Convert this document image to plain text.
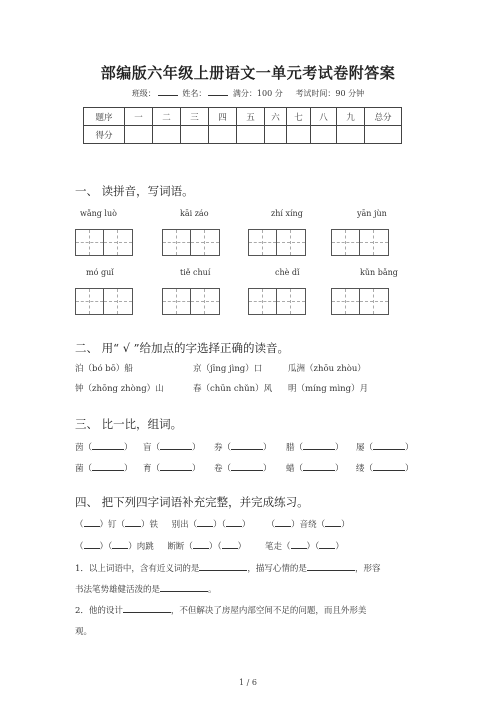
部编版六年级上册语文一单元考试卷附答案
班级：	姓名：	满分：100 分 考试时间：90 分钟
题序	一	二	三	四	五	六	七	八	九	总分
得分										
一、 读拼音，写词语。
wǎng luò	kāi záo	zhí xíng	yān jùn
mó guǐ	tiě chuí	chè dǐ	kǔn bǎng
二、 用“ √ ”给加点的字选择正确的读音。
泊（bó bō）船	京（jīng jìng）口	瓜洲（zhōu zhòu）
钟（zhōng zhòng）山	春（chūn chǔn）风 明（míng mìng）月
三、 比一比，组词。
茵（	） 盲（	） 券（	） 腊（	） 屡（	）
菌（	） 育（	） 卷（	） 蜡（	） 缕（	）
四、 把下列四字词语补充完整，并完成练习。
（ ）钉（ ）铁 别出（ ）（ ） （ ）音绕（ ）
（ ）（ ）肉跳 断断（ ）（ ） 笔走（ ）（ ）
1．以上词语中，含有近义词的是	，描写心情的是	，形容
书法笔势雄健活泼的是	。
2．他的设计	，不但解决了房屋内部空间不足的问题，而且外形美
观。
1 / 6
